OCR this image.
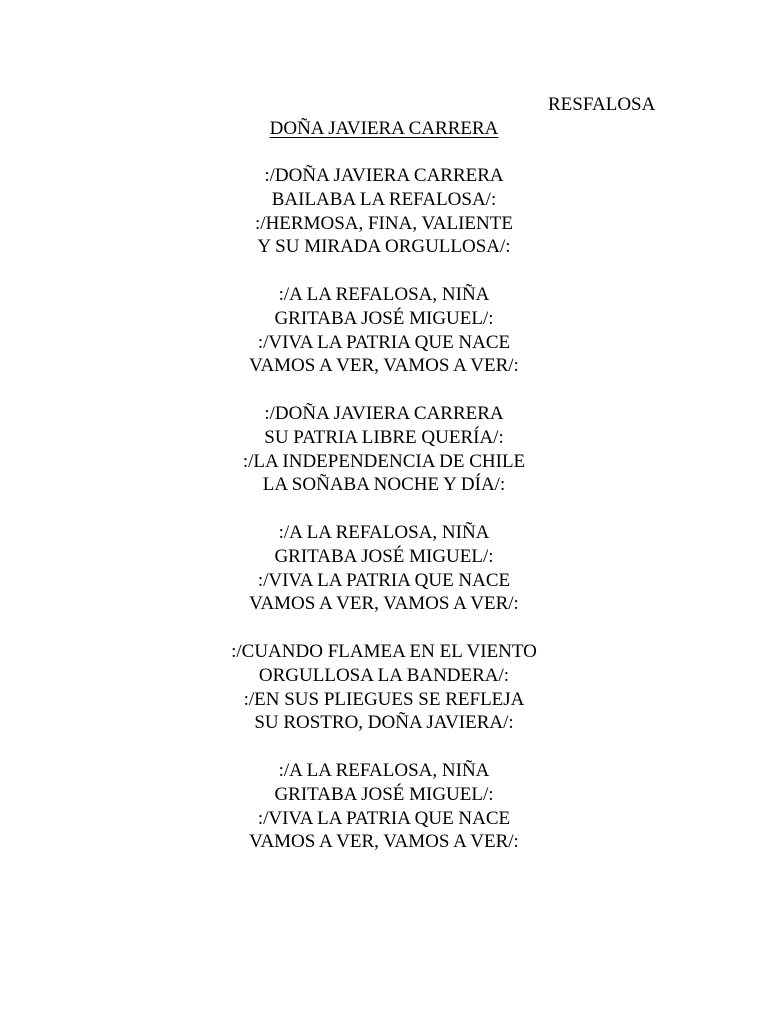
RESFALOSA
DOÑA JAVIERA CARRERA
:/DOÑA JAVIERA CARRERA
BAILABA LA REFALOSA/:
:/HERMOSA, FINA, VALIENTE
Y SU MIRADA ORGULLOSA/:
:/A LA REFALOSA, NIÑA
GRITABA JOSÉ MIGUEL/:
:/VIVA LA PATRIA QUE NACE
VAMOS A VER, VAMOS A VER/:
:/DOÑA JAVIERA CARRERA
SU PATRIA LIBRE QUERÍA/:
:/LA INDEPENDENCIA DE CHILE
LA SOÑABA NOCHE Y DÍA/:
:/A LA REFALOSA, NIÑA
GRITABA JOSÉ MIGUEL/:
:/VIVA LA PATRIA QUE NACE
VAMOS A VER, VAMOS A VER/:
:/CUANDO FLAMEA EN EL VIENTO
ORGULLOSA LA BANDERA/:
:/EN SUS PLIEGUES SE REFLEJA
SU ROSTRO, DOÑA JAVIERA/:
:/A LA REFALOSA, NIÑA
GRITABA JOSÉ MIGUEL/:
:/VIVA LA PATRIA QUE NACE
VAMOS A VER, VAMOS A VER/:
